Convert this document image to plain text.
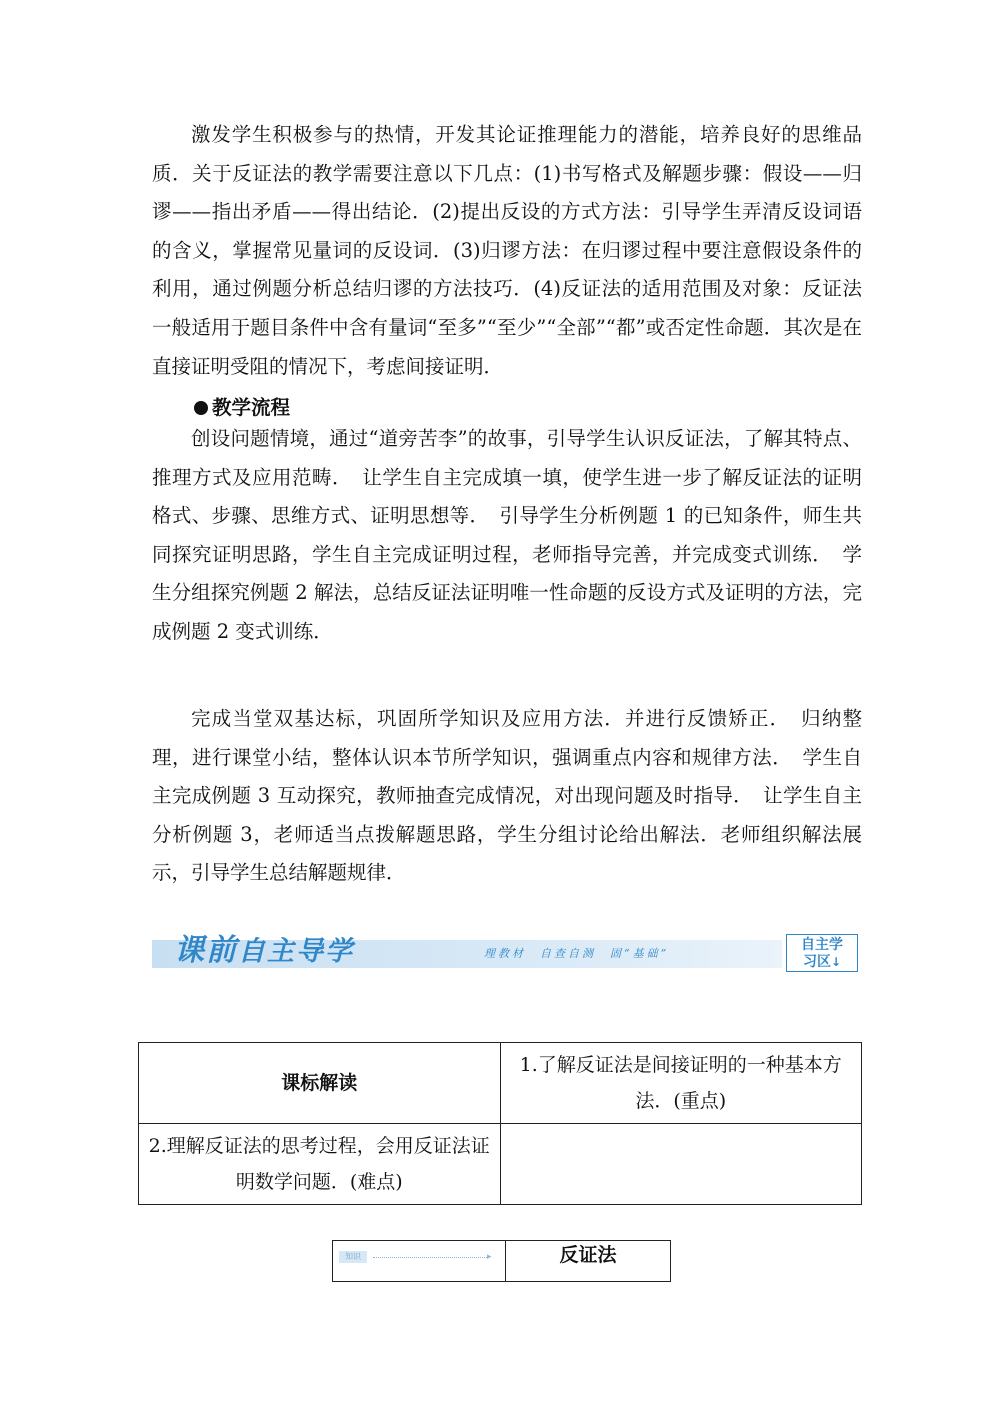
激发学生积极参与的热情，开发其论证推理能力的潜能，培养良好的思维品质．关于反证法的教学需要注意以下几点：(1)书写格式及解题步骤：假设——归谬——指出矛盾——得出结论．(2)提出反设的方式方法：引导学生弄清反设词语的含义，掌握常见量词的反设词．(3)归谬方法：在归谬过程中要注意假设条件的利用，通过例题分析总结归谬的方法技巧．(4)反证法的适用范围及对象：反证法一般适用于题目条件中含有量词“至多”“至少”“全部”“都”或否定性命题．其次是在直接证明受阻的情况下，考虑间接证明．

教学流程

创设问题情境，通过“道旁苦李”的故事，引导学生认识反证法，了解其特点、推理方式及应用范畴．　让学生自主完成填一填，使学生进一步了解反证法的证明格式、步骤、思维方式、证明思想等．　引导学生分析例题 1 的已知条件，师生共同探究证明思路，学生自主完成证明过程，老师指导完善，并完成变式训练．　学生分组探究例题 2 解法，总结反证法证明唯一性命题的反设方式及证明的方法，完成例题 2 变式训练．

完成当堂双基达标，巩固所学知识及应用方法．并进行反馈矫正．　归纳整理，进行课堂小结，整体认识本节所学知识，强调重点内容和规律方法．　学生自主完成例题 3 互动探究，教师抽查完成情况，对出现问题及时指导．　让学生自主分析例题 3，老师适当点拨解题思路，学生分组讨论给出解法．老师组织解法展示，引导学生总结解题规律．

课前自主导学	理教材　自查自测　固“基础”
自主学
习区↓
课标解读	1.了解反证法是间接证明的一种基本方法．(重点)
2.理解反证法的思考过程，会用反证法证明数学问题．(难点)	
知识	▸	反证法
